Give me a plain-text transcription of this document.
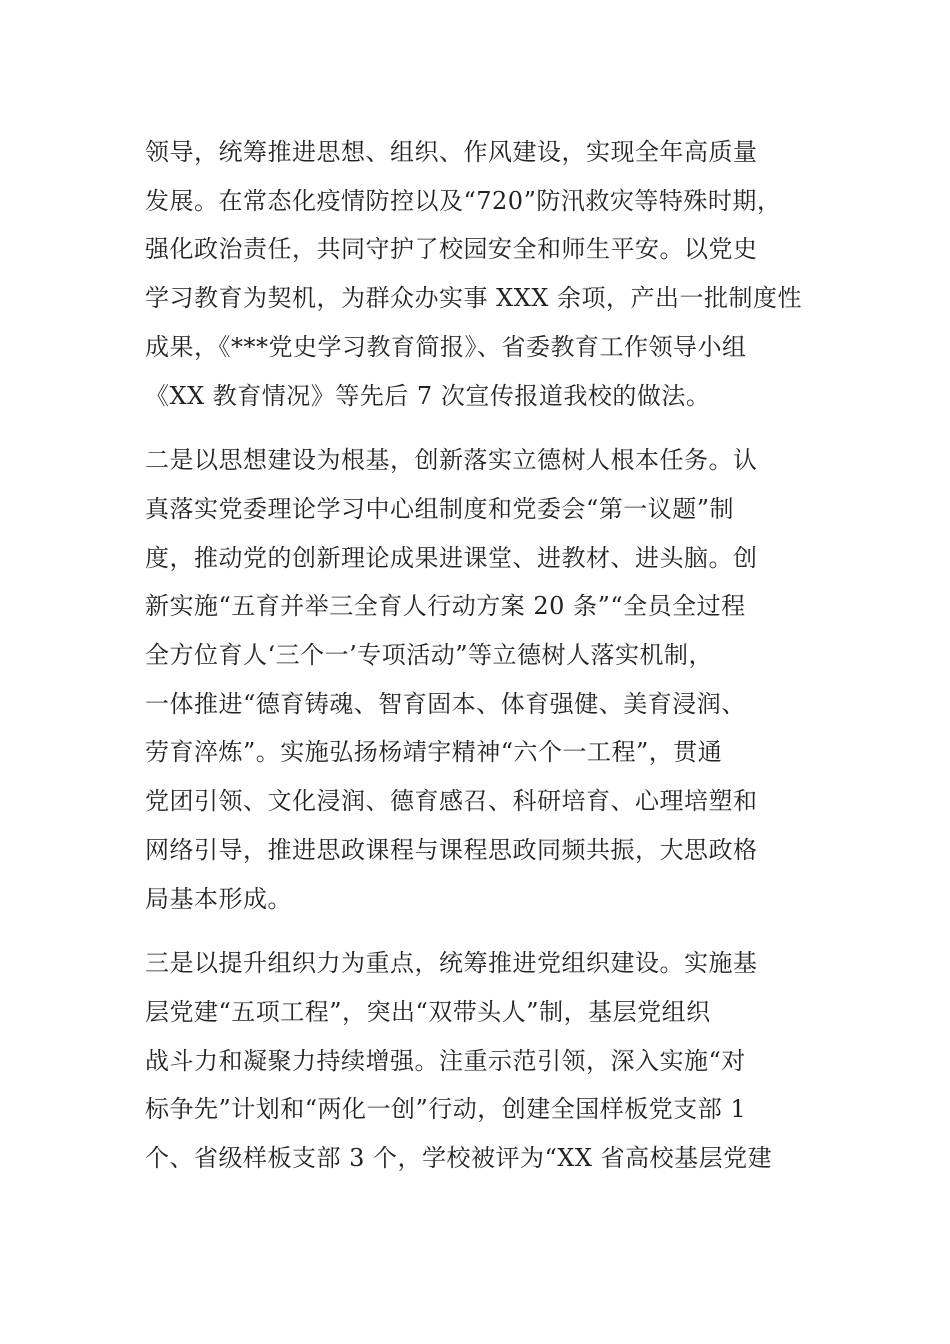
领导，统筹推进思想、组织、作风建设，实现全年高质量
发展。在常态化疫情防控以及“720”防汛救灾等特殊时期，
强化政治责任，共同守护了校园安全和师生平安。以党史
学习教育为契机，为群众办实事 XXX 余项，产出一批制度性
成果，《***党史学习教育简报》、省委教育工作领导小组
《XX 教育情况》等先后 7 次宣传报道我校的做法。
二是以思想建设为根基，创新落实立德树人根本任务。认
真落实党委理论学习中心组制度和党委会“第一议题”制
度，推动党的创新理论成果进课堂、进教材、进头脑。创
新实施“五育并举三全育人行动方案 20 条”“全员全过程
全方位育人‘三个一’专项活动”等立德树人落实机制，
一体推进“德育铸魂、智育固本、体育强健、美育浸润、
劳育淬炼”。实施弘扬杨靖宇精神“六个一工程”，贯通
党团引领、文化浸润、德育感召、科研培育、心理培塑和
网络引导，推进思政课程与课程思政同频共振，大思政格
局基本形成。
三是以提升组织力为重点，统筹推进党组织建设。实施基
层党建“五项工程”，突出“双带头人”制，基层党组织
战斗力和凝聚力持续增强。注重示范引领，深入实施“对
标争先”计划和“两化一创”行动，创建全国样板党支部 1
个、省级样板支部 3 个，学校被评为“XX 省高校基层党建
